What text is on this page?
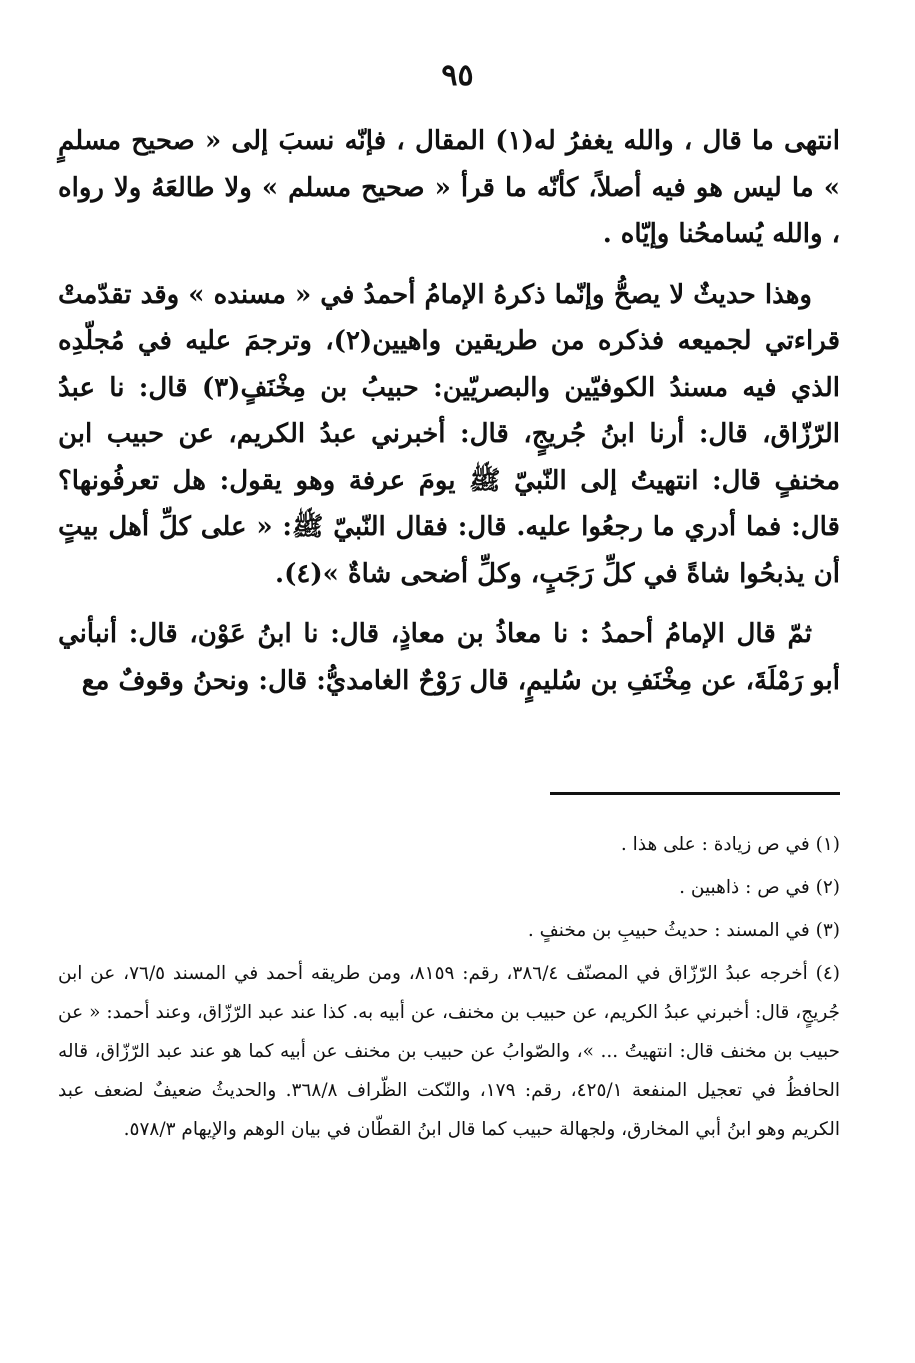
٩٥

انتهى ما قال ، والله يغفرُ له(١) المقال ، فإنّه نسبَ إلى « صحيح مسلمٍ » ما ليس هو فيه أصلاً، كأنّه ما قرأ « صحيح مسلم » ولا طالعَهُ ولا رواه ، والله يُسامحُنا وإيّاه .

وهذا حديثٌ لا يصحُّ وإنّما ذكرهُ الإمامُ أحمدُ في « مسنده » وقد تقدّمتْ قراءتي لجميعه فذكره من طريقين واهيين(٢)، وترجمَ عليه في مُجلّدِه الذي فيه مسندُ الكوفيّين والبصريّين: حبيبُ بن مِخْنَفٍ(٣) قال: نا عبدُ الرّزّاق، قال: أرنا ابنُ جُريجٍ، قال: أخبرني عبدُ الكريم، عن حبيب ابن مخنفٍ قال: انتهيتُ إلى النّبيّ ﷺ يومَ عرفة وهو يقول: هل تعرفُونها؟ قال: فما أدري ما رجعُوا عليه. قال: فقال النّبيّ ﷺ: « على كلِّ أهل بيتٍ أن يذبحُوا شاةً في كلِّ رَجَبٍ، وكلِّ أضحى شاةٌ »(٤).

ثمّ قال الإمامُ أحمدُ : نا معاذُ بن معاذٍ، قال: نا ابنُ عَوْن، قال: أنبأني أبو رَمْلَةَ، عن مِخْنَفِ بن سُليمٍ، قال رَوْحٌ الغامديُّ: قال: ونحنُ وقوفٌ مع

(١) في ص زيادة : على هذا .
(٢) في ص : ذاهبين .
(٣) في المسند : حديثُ حبيبِ بن مخنفٍ .
(٤) أخرجه عبدُ الرّزّاق في المصنّف ٣٨٦/٤، رقم: ٨١٥٩، ومن طريقه أحمد في المسند ٧٦/٥، عن ابن جُريجٍ، قال: أخبرني عبدُ الكريم، عن حبيب بن مخنف، عن أبيه به. كذا عند عبد الرّزّاق، وعند أحمد: « عن حبيب بن مخنف قال: انتهيتُ ... »، والصّوابُ عن حبيب بن مخنف عن أبيه كما هو عند عبد الرّزّاق، قاله الحافظُ في تعجيل المنفعة ٤٢٥/١، رقم: ١٧٩، والنّكت الظّراف ٣٦٨/٨. والحديثُ ضعيفٌ لضعف عبد الكريم وهو ابنُ أبي المخارق، ولجهالة حبيب كما قال ابنُ القطّان في بيان الوهم والإيهام ٥٧٨/٣.
